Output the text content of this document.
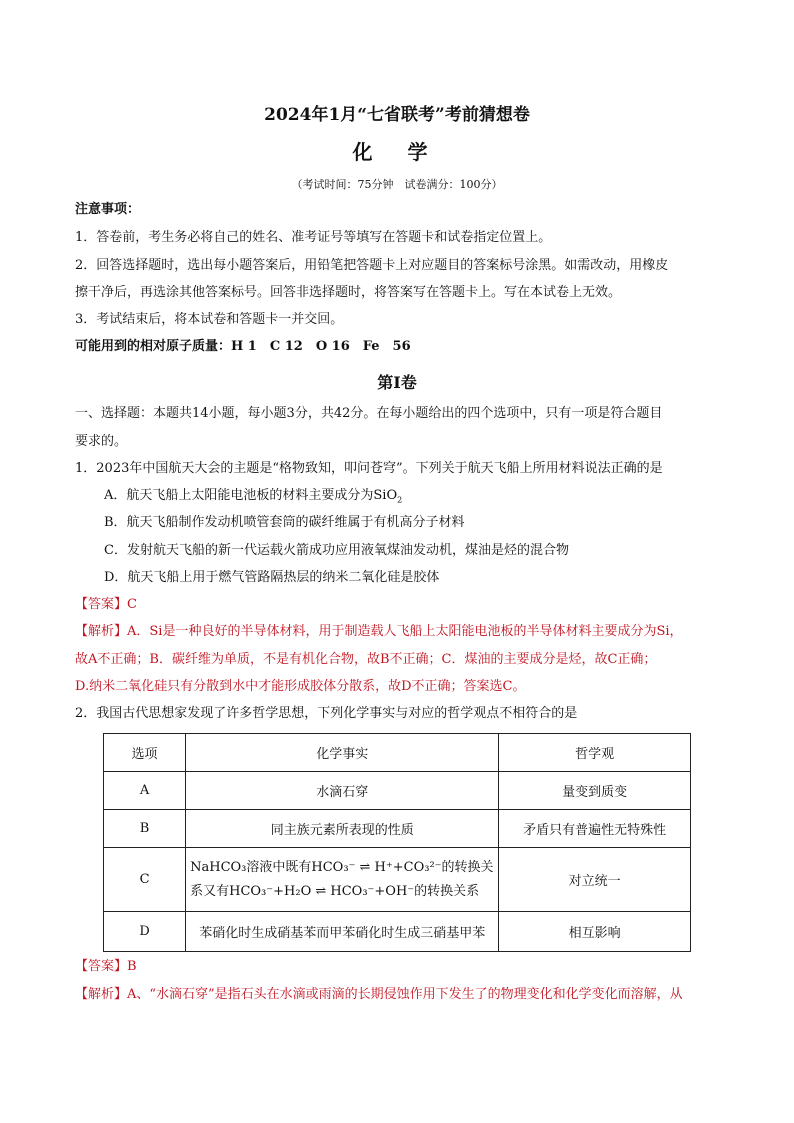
2024年1月“七省联考”考前猜想卷
化 学
（考试时间：75分钟　试卷满分：100分）
注意事项：
1．答卷前，考生务必将自己的姓名、准考证号等填写在答题卡和试卷指定位置上。
2．回答选择题时，选出每小题答案后，用铅笔把答题卡上对应题目的答案标号涂黑。如需改动，用橡皮
擦干净后，再选涂其他答案标号。回答非选择题时，将答案写在答题卡上。写在本试卷上无效。
3．考试结束后，将本试卷和答题卡一并交回。
可能用到的相对原子质量：H 1　C 12　O 16　Fe　56
第Ⅰ卷
一、选择题：本题共14小题，每小题3分，共42分。在每小题给出的四个选项中，只有一项是符合题目
要求的。
1．2023年中国航天大会的主题是“格物致知，叩问苍穹”。下列关于航天飞船上所用材料说法正确的是
A．航天飞船上太阳能电池板的材料主要成分为SiO$_2$
B．航天飞船制作发动机喷管套筒的碳纤维属于有机高分子材料
C．发射航天飞船的新一代运载火箭成功应用液氧煤油发动机，煤油是烃的混合物
D．航天飞船上用于燃气管路隔热层的纳米二氧化硅是胶体
【答案】C
【解析】A．Si是一种良好的半导体材料，用于制造载人飞船上太阳能电池板的半导体材料主要成分为Si，
故A不正确；B．碳纤维为单质，不是有机化合物，故B不正确；C．煤油的主要成分是烃，故C正确；
D.纳米二氧化硅只有分散到水中才能形成胶体分散系，故D不正确；答案选C。
2．我国古代思想家发现了许多哲学思想，下列化学事实与对应的哲学观点不相符合的是
选项	化学事实	哲学观
A	水滴石穿	量变到质变
B	同主族元素所表现的性质	矛盾只有普遍性无特殊性
C	NaHCO₃溶液中既有HCO₃⁻ ⇌ H⁺+CO₃²⁻的转换关
系又有HCO₃⁻+H₂O ⇌ HCO₃⁻+OH⁻的转换关系	对立统一
D	苯硝化时生成硝基苯而甲苯硝化时生成三硝基甲苯	相互影响
【答案】B
【解析】A、“水滴石穿”是指石头在水滴或雨滴的长期侵蚀作用下发生了的物理变化和化学变化而溶解，从
